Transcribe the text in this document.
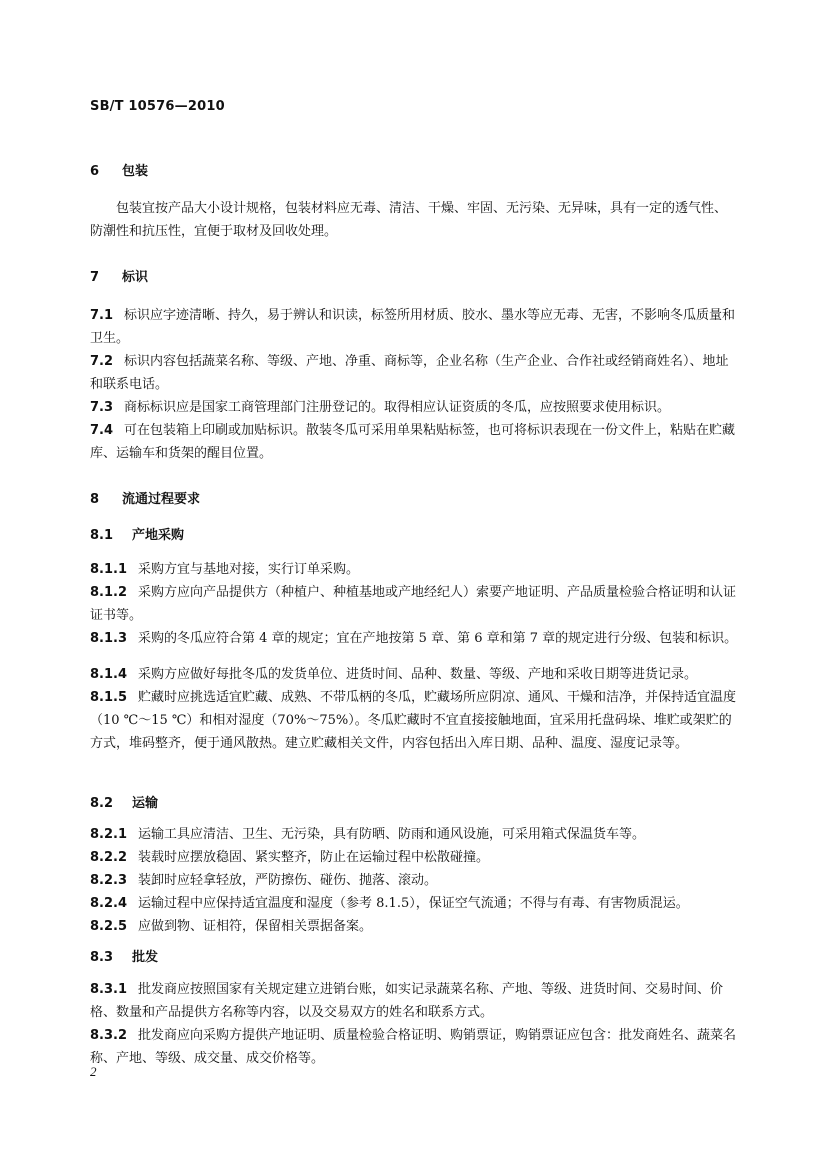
SB/T 10576—2010
6 包装
包装宜按产品大小设计规格，包装材料应无毒、清洁、干燥、牢固、无污染、无异味，具有一定的透气性、防潮性和抗压性，宜便于取材及回收处理。
7 标识
7.1 标识应字迹清晰、持久，易于辨认和识读，标签所用材质、胶水、墨水等应无毒、无害，不影响冬瓜质量和卫生。
7.2 标识内容包括蔬菜名称、等级、产地、净重、商标等，企业名称（生产企业、合作社或经销商姓名）、地址和联系电话。
7.3 商标标识应是国家工商管理部门注册登记的。取得相应认证资质的冬瓜，应按照要求使用标识。
7.4 可在包装箱上印刷或加贴标识。散装冬瓜可采用单果粘贴标签，也可将标识表现在一份文件上，粘贴在贮藏库、运输车和货架的醒目位置。
8 流通过程要求
8.1 产地采购
8.1.1 采购方宜与基地对接，实行订单采购。
8.1.2 采购方应向产品提供方（种植户、种植基地或产地经纪人）索要产地证明、产品质量检验合格证明和认证证书等。
8.1.3 采购的冬瓜应符合第 4 章的规定；宜在产地按第 5 章、第 6 章和第 7 章的规定进行分级、包装和标识。
8.1.4 采购方应做好每批冬瓜的发货单位、进货时间、品种、数量、等级、产地和采收日期等进货记录。
8.1.5 贮藏时应挑选适宜贮藏、成熟、不带瓜柄的冬瓜，贮藏场所应阴凉、通风、干燥和洁净，并保持适宜温度（10 ℃～15 ℃）和相对湿度（70%～75%）。冬瓜贮藏时不宜直接接触地面，宜采用托盘码垛、堆贮或架贮的方式，堆码整齐，便于通风散热。建立贮藏相关文件，内容包括出入库日期、品种、温度、湿度记录等。
8.2 运输
8.2.1 运输工具应清洁、卫生、无污染，具有防晒、防雨和通风设施，可采用箱式保温货车等。
8.2.2 装载时应摆放稳固、紧实整齐，防止在运输过程中松散碰撞。
8.2.3 装卸时应轻拿轻放，严防擦伤、碰伤、抛落、滚动。
8.2.4 运输过程中应保持适宜温度和湿度（参考 8.1.5），保证空气流通；不得与有毒、有害物质混运。
8.2.5 应做到物、证相符，保留相关票据备案。
8.3 批发
8.3.1 批发商应按照国家有关规定建立进销台账，如实记录蔬菜名称、产地、等级、进货时间、交易时间、价格、数量和产品提供方名称等内容，以及交易双方的姓名和联系方式。
8.3.2 批发商应向采购方提供产地证明、质量检验合格证明、购销票证，购销票证应包含：批发商姓名、蔬菜名称、产地、等级、成交量、成交价格等。
2
